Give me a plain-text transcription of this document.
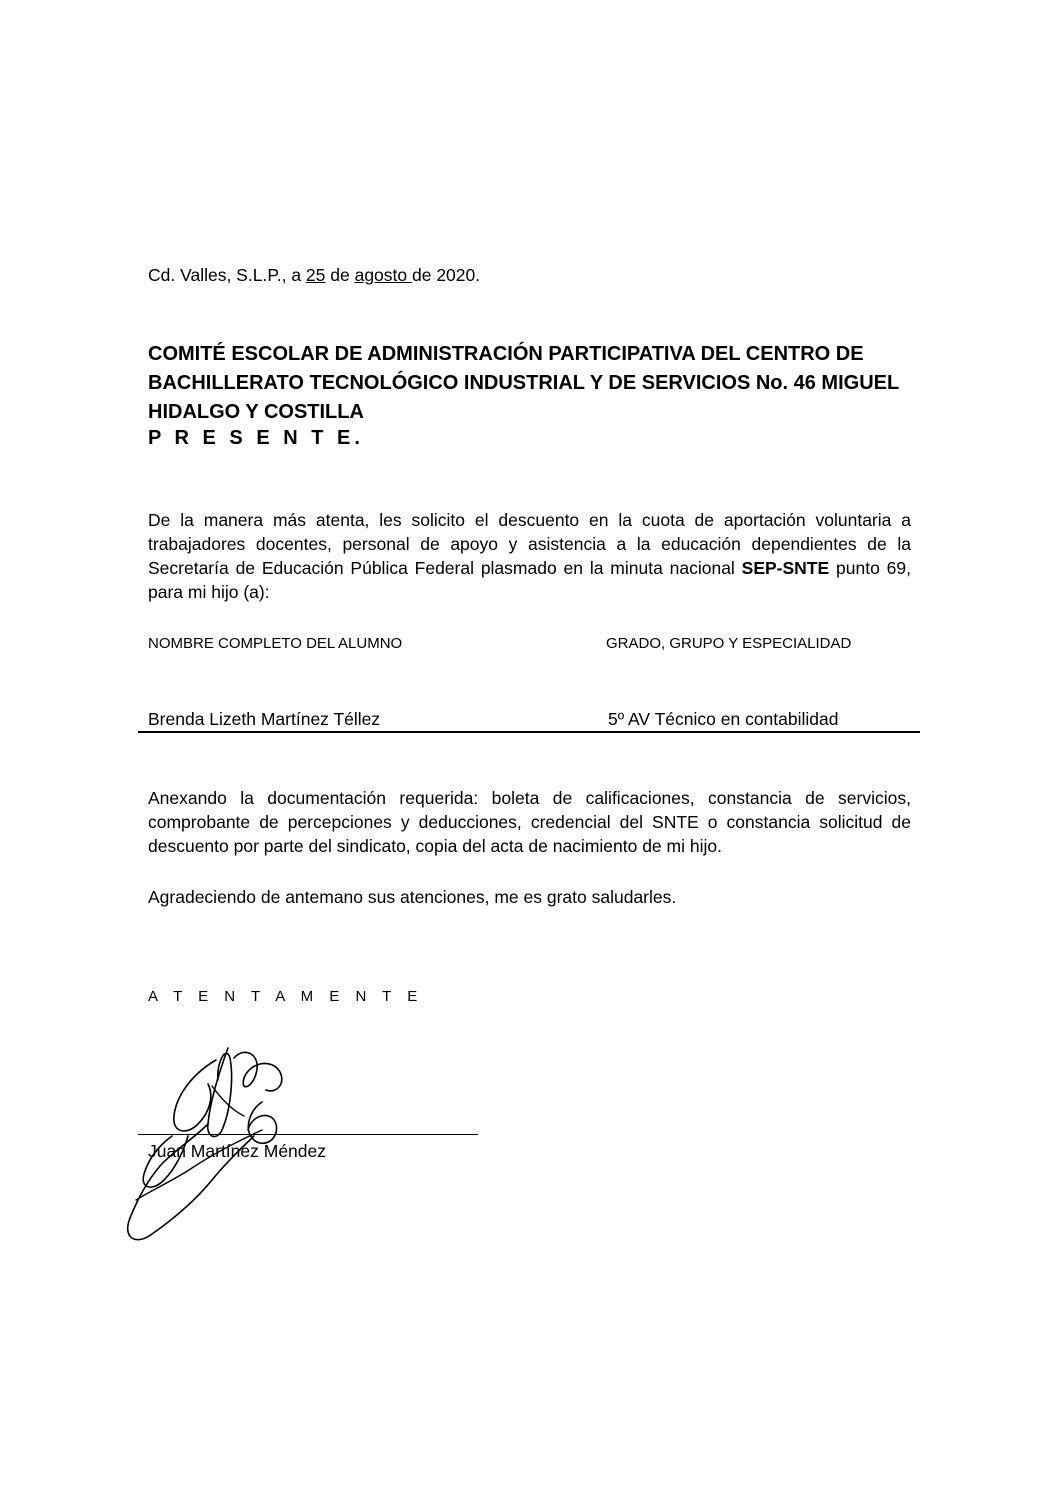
Cd. Valles, S.L.P., a 25 de agosto de 2020.
COMITÉ ESCOLAR DE ADMINISTRACIÓN PARTICIPATIVA DEL CENTRO DE
BACHILLERATO TECNOLÓGICO INDUSTRIAL Y DE SERVICIOS No. 46 MIGUEL
HIDALGO Y COSTILLA
P R E S E N T E.
De la manera más atenta, les solicito el descuento en la cuota de aportación voluntaria a trabajadores docentes, personal de apoyo y asistencia a la educación dependientes de la Secretaría de Educación Pública Federal plasmado en la minuta nacional SEP-SNTE punto 69, para mi hijo (a):
NOMBRE COMPLETO DEL ALUMNO	GRADO, GRUPO Y ESPECIALIDAD
Brenda Lizeth Martínez Téllez	5º AV Técnico en contabilidad
Anexando la documentación requerida: boleta de calificaciones, constancia de servicios, comprobante de percepciones y deducciones, credencial del SNTE o constancia solicitud de descuento por parte del sindicato, copia del acta de nacimiento de mi hijo.
Agradeciendo de antemano sus atenciones, me es grato saludarles.
A T E N T A M E N T E
Juan Martínez Méndez
